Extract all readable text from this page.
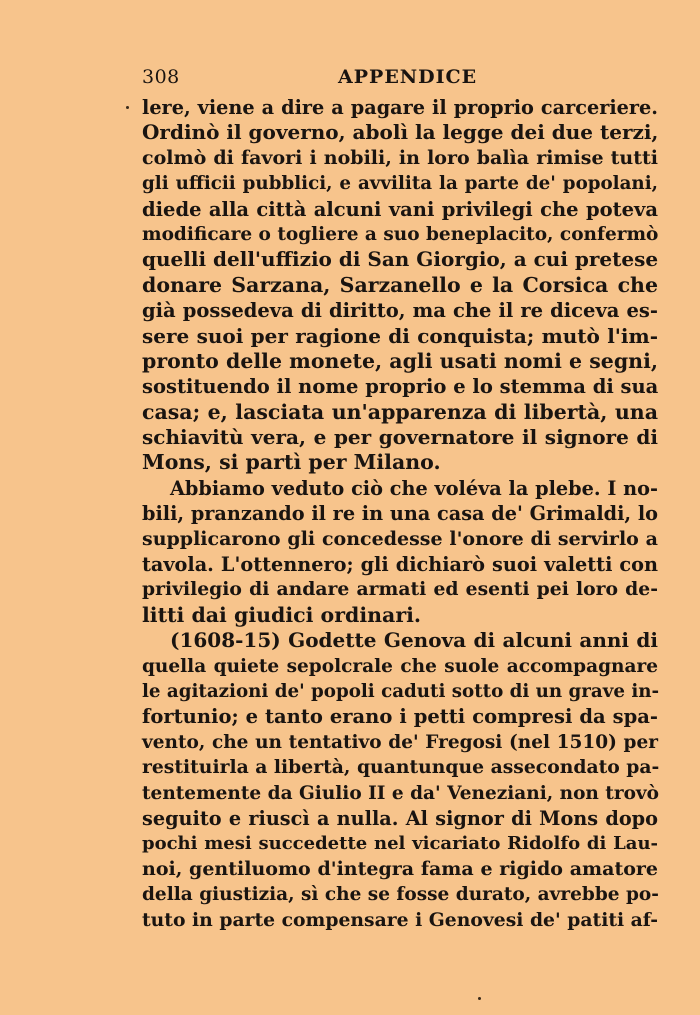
308	APPENDICE
lere, viene a dire a pagare il proprio carceriere.
Ordinò il governo, abolì la legge dei due terzi,
colmò di favori i nobili, in loro balìa rimise tutti
gli ufficii pubblici, e avvilita la parte de' popolani,
diede alla città alcuni vani privilegi che poteva
modificare o togliere a suo beneplacito, confermò
quelli dell'uffizio di San Giorgio, a cui pretese
donare Sarzana, Sarzanello e la Corsica che
già possedeva di diritto, ma che il re diceva es-
sere suoi per ragione di conquista; mutò l'im-
pronto delle monete, agli usati nomi e segni,
sostituendo il nome proprio e lo stemma di sua
casa; e, lasciata un'apparenza di libertà, una
schiavitù vera, e per governatore il signore di
Mons, si partì per Milano.
Abbiamo veduto ciò che voléva la plebe. I no-
bili, pranzando il re in una casa de' Grimaldi, lo
supplicarono gli concedesse l'onore di servirlo a
tavola. L'ottennero; gli dichiarò suoi valetti con
privilegio di andare armati ed esenti pei loro de-
litti dai giudici ordinari.
(1608-15) Godette Genova di alcuni anni di
quella quiete sepolcrale che suole accompagnare
le agitazioni de' popoli caduti sotto di un grave in-
fortunio; e tanto erano i petti compresi da spa-
vento, che un tentativo de' Fregosi (nel 1510) per
restituirla a libertà, quantunque assecondato pa-
tentemente da Giulio II e da' Veneziani, non trovò
seguito e riuscì a nulla. Al signor di Mons dopo
pochi mesi succedette nel vicariato Ridolfo di Lau-
noi, gentiluomo d'integra fama e rigido amatore
della giustizia, sì che se fosse durato, avrebbe po-
tuto in parte compensare i Genovesi de' patiti af-
